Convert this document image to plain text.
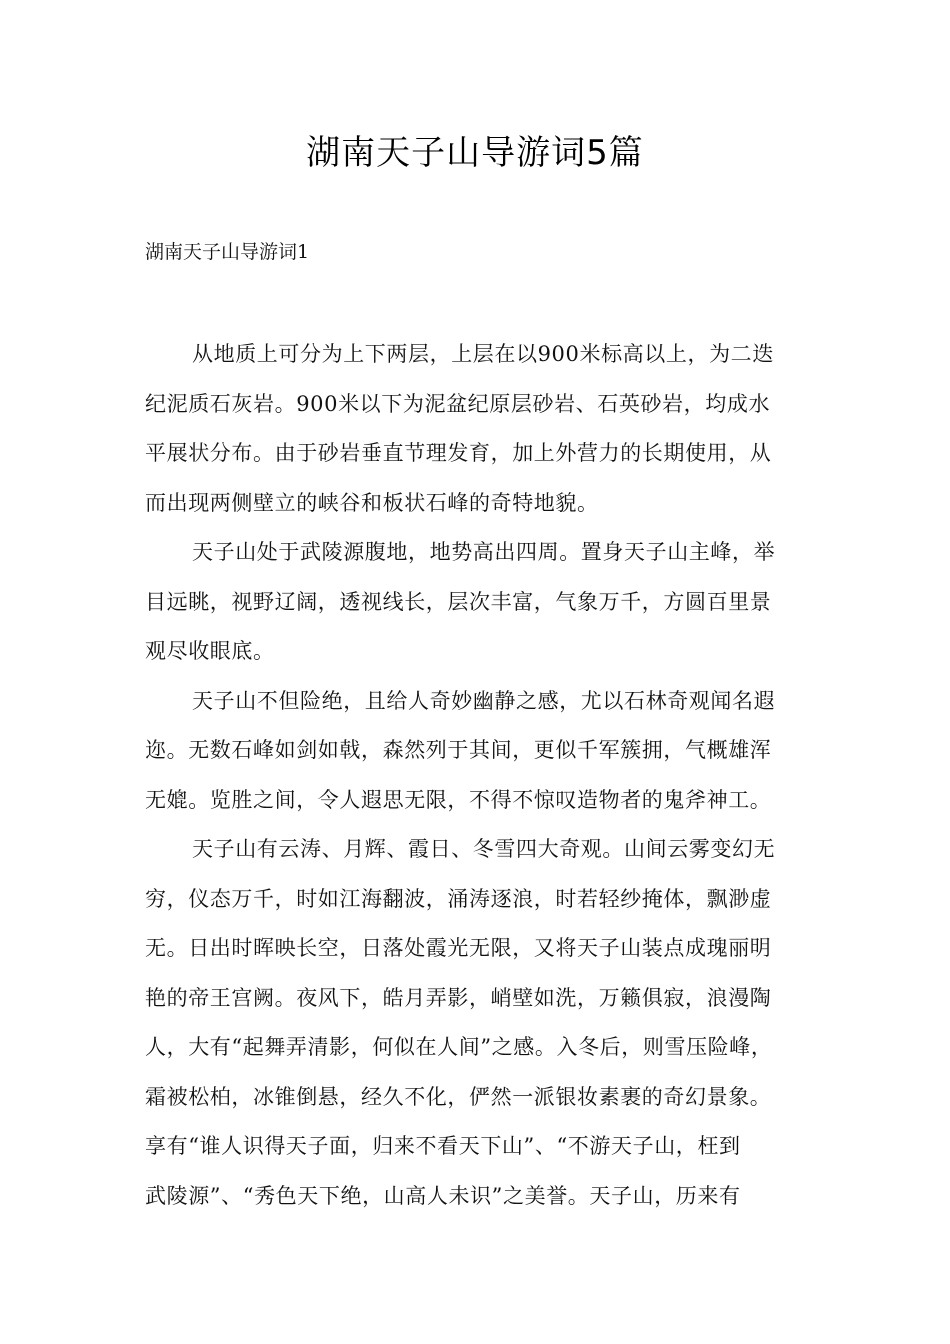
湖南天子山导游词5篇
湖南天子山导游词1
从地质上可分为上下两层，上层在以900米标高以上，为二迭
纪泥质石灰岩。900米以下为泥盆纪原层砂岩、石英砂岩，均成水
平展状分布。由于砂岩垂直节理发育，加上外营力的长期使用，从
而出现两侧壁立的峡谷和板状石峰的奇特地貌。
天子山处于武陵源腹地，地势高出四周。置身天子山主峰，举
目远眺，视野辽阔，透视线长，层次丰富，气象万千，方圆百里景
观尽收眼底。
天子山不但险绝，且给人奇妙幽静之感，尤以石林奇观闻名遐
迩。无数石峰如剑如戟，森然列于其间，更似千军簇拥，气概雄浑
无媲。览胜之间，令人遐思无限，不得不惊叹造物者的鬼斧神工。
天子山有云涛、月辉、霞日、冬雪四大奇观。山间云雾变幻无
穷，仪态万千，时如江海翻波，涌涛逐浪，时若轻纱掩体，飘渺虚
无。日出时晖映长空，日落处霞光无限，又将天子山装点成瑰丽明
艳的帝王宫阙。夜风下，皓月弄影，峭壁如洗，万籁俱寂，浪漫陶
人，大有“起舞弄清影，何似在人间”之感。入冬后，则雪压险峰，
霜被松柏，冰锥倒悬，经久不化，俨然一派银妆素裹的奇幻景象。
享有“谁人识得天子面，归来不看天下山”、“不游天子山，枉到
武陵源”、“秀色天下绝，山高人未识”之美誉。天子山，历来有
